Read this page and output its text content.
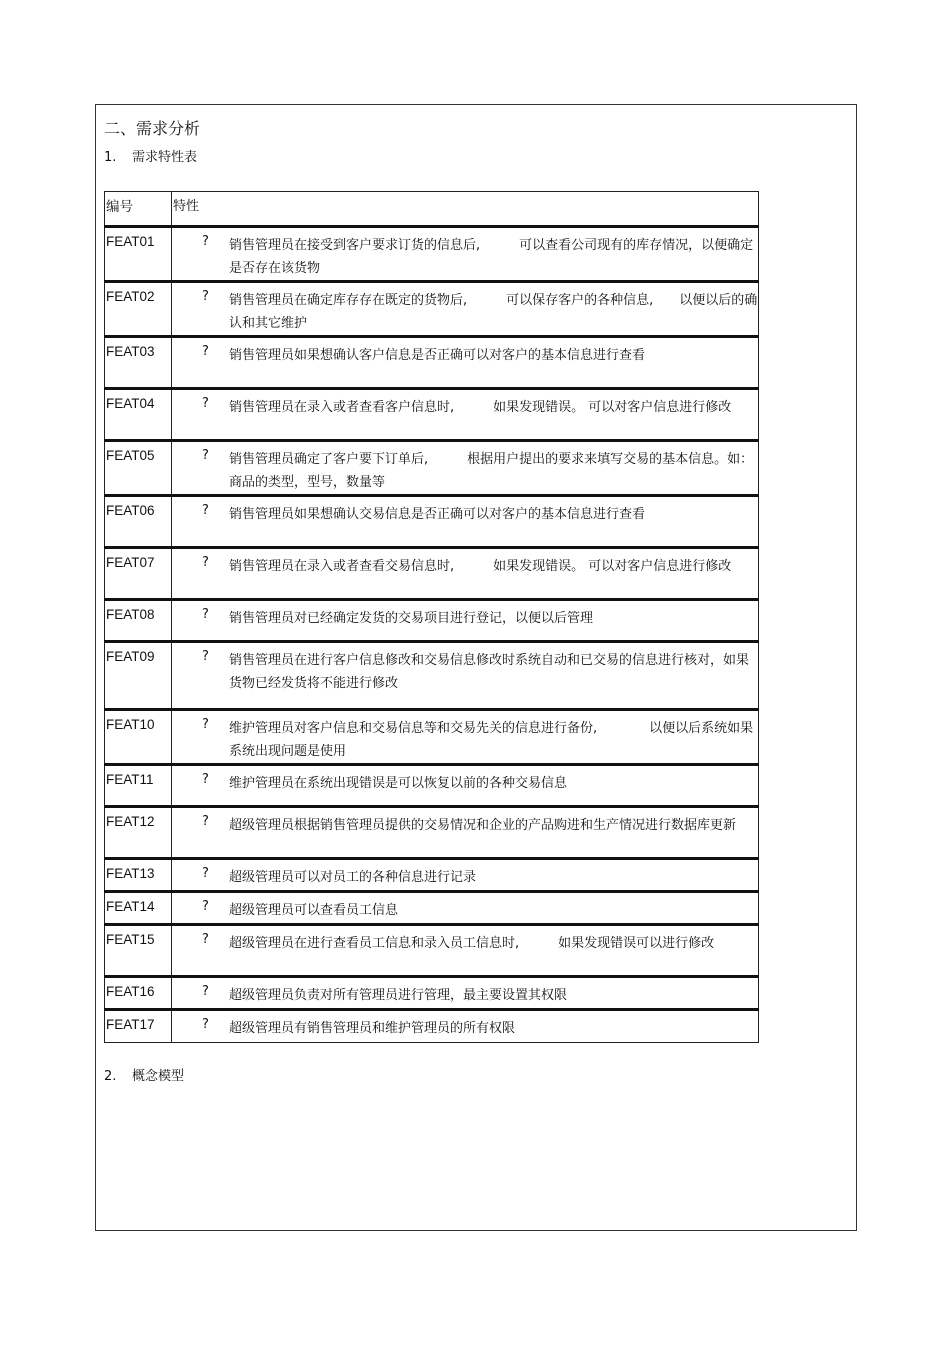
二、需求分析
1. 需求特性表
编号	特性
FEAT01	? 销售管理员在接受到客户要求订货的信息后,　　　可以查看公司现有的库存情况，以便确定是否存在该货物

FEAT02	? 销售管理员在确定库存存在既定的货物后,　　　可以保存客户的各种信息,　　以便以后的确认和其它维护

FEAT03	? 销售管理员如果想确认客户信息是否正确可以对客户的基本信息进行查看

FEAT04	? 销售管理员在录入或者查看客户信息时,　　　如果发现错误。 可以对客户信息进行修改

FEAT05	? 销售管理员确定了客户要下订单后,　　　根据用户提出的要求来填写交易的基本信息。如：商品的类型，型号，数量等

FEAT06	? 销售管理员如果想确认交易信息是否正确可以对客户的基本信息进行查看

FEAT07	? 销售管理员在录入或者查看交易信息时,　　　如果发现错误。 可以对客户信息进行修改

FEAT08	? 销售管理员对已经确定发货的交易项目进行登记，以便以后管理

FEAT09	? 销售管理员在进行客户信息修改和交易信息修改时系统自动和已交易的信息进行核对，如果货物已经发货将不能进行修改

FEAT10	? 维护管理员对客户信息和交易信息等和交易先关的信息进行备份,　　　　以便以后系统如果系统出现问题是使用

FEAT11	? 维护管理员在系统出现错误是可以恢复以前的各种交易信息

FEAT12	? 超级管理员根据销售管理员提供的交易情况和企业的产品购进和生产情况进行数据库更新

FEAT13	? 超级管理员可以对员工的各种信息进行记录

FEAT14	? 超级管理员可以查看员工信息

FEAT15	? 超级管理员在进行查看员工信息和录入员工信息时,　　　如果发现错误可以进行修改

FEAT16	? 超级管理员负责对所有管理员进行管理，最主要设置其权限

FEAT17	? 超级管理员有销售管理员和维护管理员的所有权限
2. 概念模型
